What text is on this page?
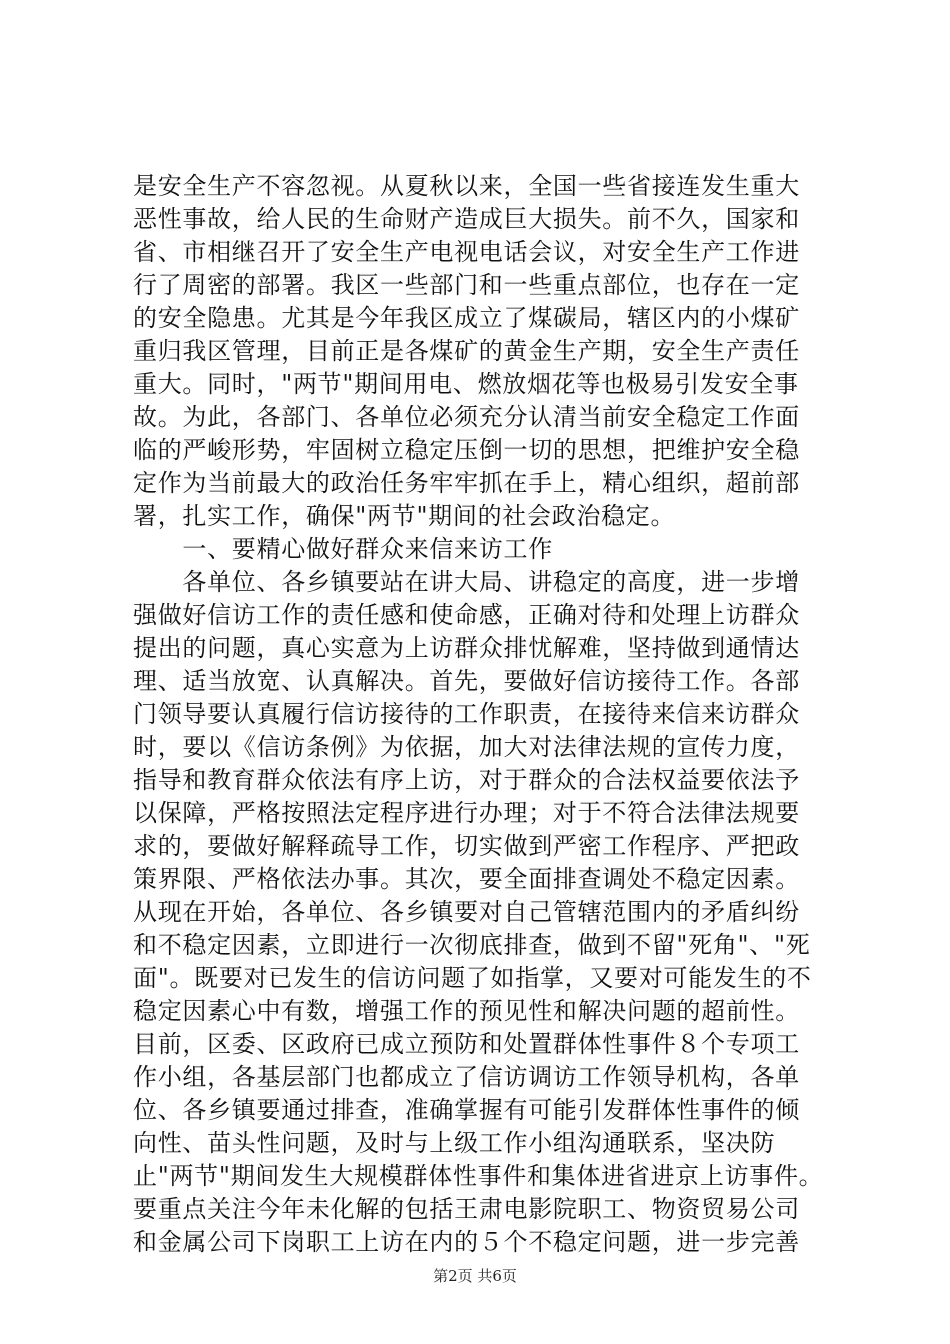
是安全生产不容忽视。从夏秋以来，全国一些省接连发生重大
恶性事故，给人民的生命财产造成巨大损失。前不久，国家和
省、市相继召开了安全生产电视电话会议，对安全生产工作进
行了周密的部署。我区一些部门和一些重点部位，也存在一定
的安全隐患。尤其是今年我区成立了煤碳局，辖区内的小煤矿
重归我区管理，目前正是各煤矿的黄金生产期，安全生产责任
重大。同时，"两节"期间用电、燃放烟花等也极易引发安全事
故。为此，各部门、各单位必须充分认清当前安全稳定工作面
临的严峻形势，牢固树立稳定压倒一切的思想，把维护安全稳
定作为当前最大的政治任务牢牢抓在手上，精心组织，超前部
署，扎实工作，确保"两节"期间的社会政治稳定。
　　一、要精心做好群众来信来访工作
　　各单位、各乡镇要站在讲大局、讲稳定的高度，进一步增
强做好信访工作的责任感和使命感，正确对待和处理上访群众
提出的问题，真心实意为上访群众排忧解难，坚持做到通情达
理、适当放宽、认真解决。首先，要做好信访接待工作。各部
门领导要认真履行信访接待的工作职责，在接待来信来访群众
时，要以《信访条例》为依据，加大对法律法规的宣传力度，
指导和教育群众依法有序上访，对于群众的合法权益要依法予
以保障，严格按照法定程序进行办理；对于不符合法律法规要
求的，要做好解释疏导工作，切实做到严密工作程序、严把政
策界限、严格依法办事。其次，要全面排查调处不稳定因素。
从现在开始，各单位、各乡镇要对自己管辖范围内的矛盾纠纷
和不稳定因素，立即进行一次彻底排查，做到不留"死角"、"死
面"。既要对已发生的信访问题了如指掌，又要对可能发生的不
稳定因素心中有数，增强工作的预见性和解决问题的超前性。
目前，区委、区政府已成立预防和处置群体性事件８个专项工
作小组，各基层部门也都成立了信访调访工作领导机构，各单
位、各乡镇要通过排查，准确掌握有可能引发群体性事件的倾
向性、苗头性问题，及时与上级工作小组沟通联系，坚决防
止"两节"期间发生大规模群体性事件和集体进省进京上访事件。
要重点关注今年未化解的包括王肃电影院职工、物资贸易公司
和金属公司下岗职工上访在内的５个不稳定问题，进一步完善
第2页 共6页
